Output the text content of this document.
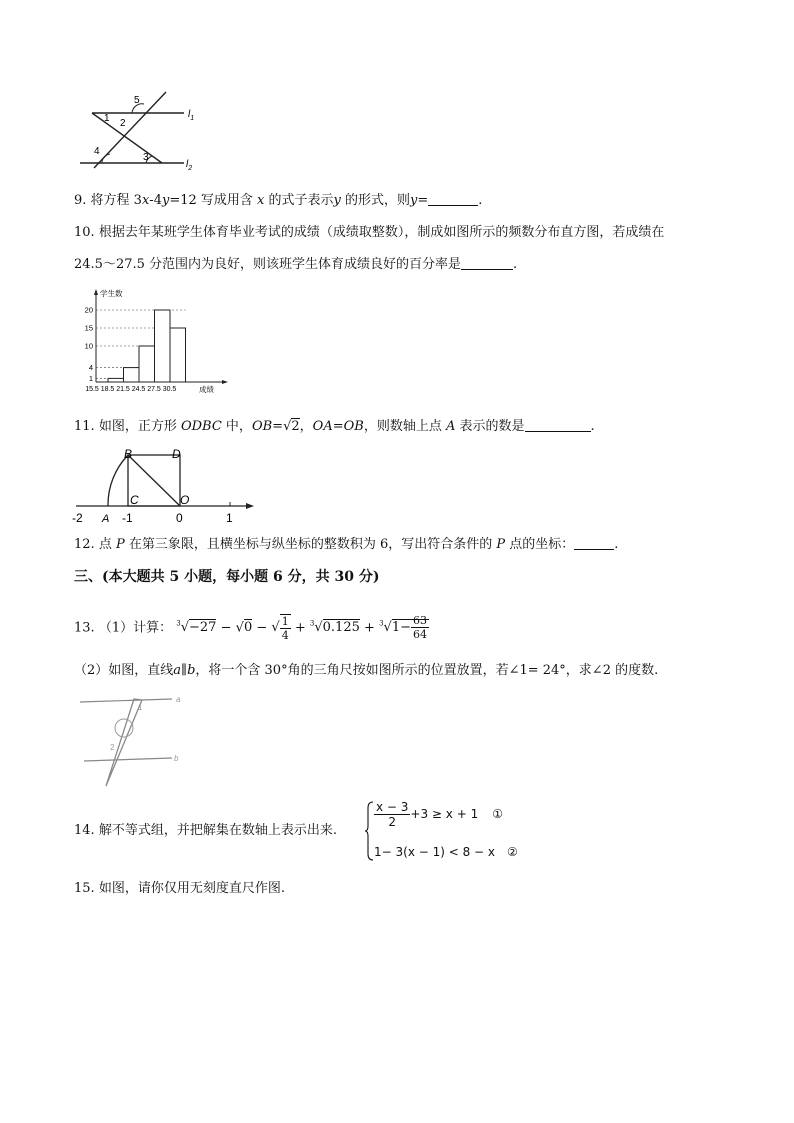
5
2
1
4
3
$l_1$
$l_2$
9. 将方程 3x-4y=12 写成用含 x 的式子表示y 的形式，则y=	.
10. 根据去年某班学生体育毕业考试的成绩（成绩取整数），制成如图所示的频数分布直方图，若成绩在
24.5～27.5 分范围内为良好，则该班学生体育成绩良好的百分率是	.
学生数
成绩
20
15
10
4
1
15.5 18.5 21.5 24.5 27.5 30.5
11. 如图，正方形 ODBC 中，OB=√2，OA=OB，则数轴上点 A 表示的数是	.
B	D
C	O
A
-2	-1	0	1
12. 点 P 在第三象限，且横坐标与纵坐标的整数积为 6，写出符合条件的 P 点的坐标：	.
三、(本大题共 5 小题，每小题 6 分，共 30 分)
13. （1）计算： $^3$√−27 − √0 − √ $\frac{1}{4} + ^3√0.125 + ^3√1- \frac{63}{64}$
（2）如图，直线a∥b，将一个含 30°角的三角尺按如图所示的位置放置，若∠1= 24°，求∠2 的度数.
a
b
1
2
14. 解不等式组，并把解集在数轴上表示出来.
$\frac{x - 3}{2} +3 \ge x + 1$ ①
1− 3(x − 1) < 8 − x ②
15. 如图，请你仅用无刻度直尺作图.
